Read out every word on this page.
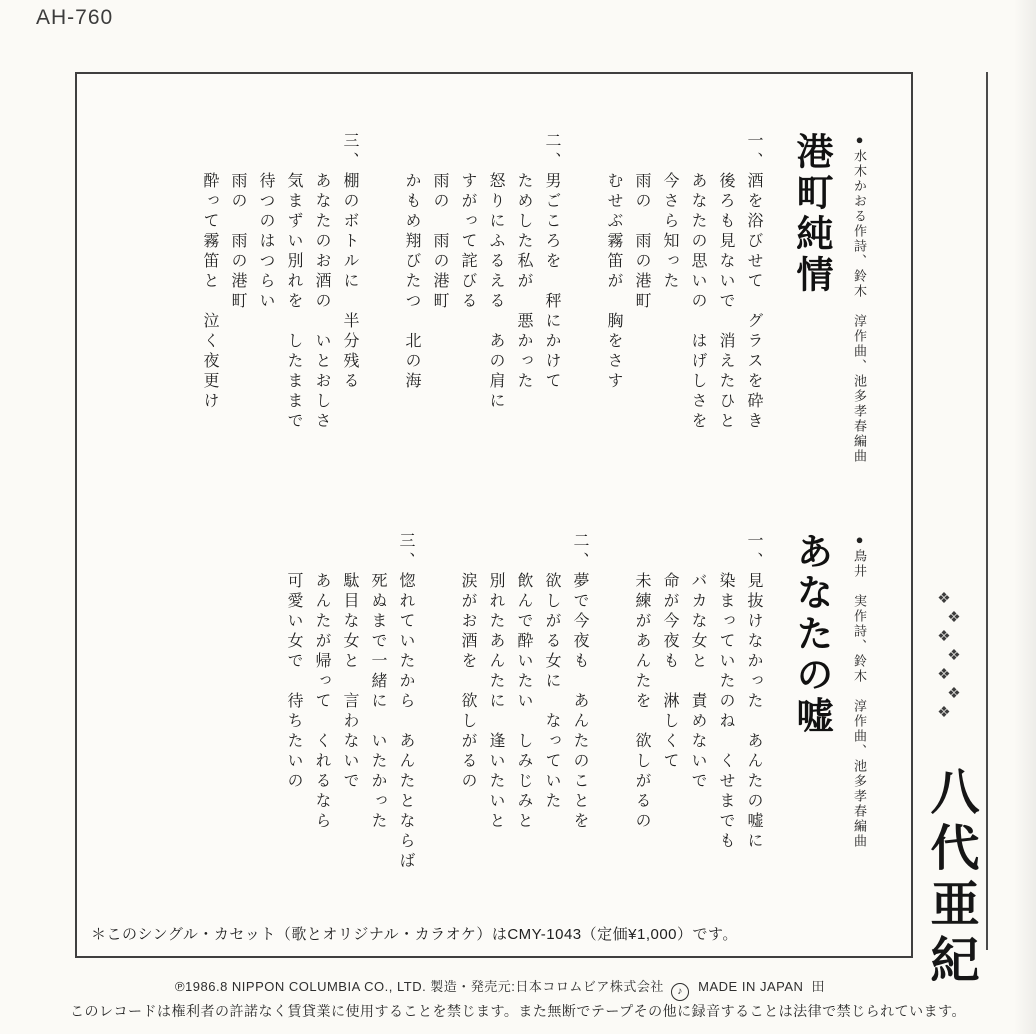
AH-760
●水木かおる作詩、鈴木　淳作曲、池多孝春編曲
港町純情
一、酒を浴びせて　グラスを砕き
　　後ろも見ないで　消えたひと
　　あなたの思いの　はげしさを
　　今さら知った
　　雨の　雨の港町
　　むせぶ霧笛が　胸をさす
二、男ごころを　秤にかけて
　　ためした私が　悪かった
　　怒りにふるえる　あの肩に
　　すがって詫びる
　　雨の　雨の港町
　　かもめ翔びたつ　北の海
三、棚のボトルに　半分残る
　　あなたのお酒の　いとおしさ
　　気まずい別れを　したままで
　　待つのはつらい
　　雨の　雨の港町
　　酔って霧笛と　泣く夜更け
●鳥井　実作詩、鈴木　淳作曲、池多孝春編曲
あなたの嘘
一、見抜けなかった　あんたの嘘に
　　染まっていたのね　くせまでも
　　バカな女と　責めないで
　　命が今夜も　淋しくて
　　未練があんたを　欲しがるの
二、夢で今夜も　あんたのことを
　　欲しがる女に　なっていた
　　飲んで酔いたい　しみじみと
　　別れたあんたに　逢いたいと
　　涙がお酒を　欲しがるの
三、惚れていたから　あんたとならば
　　死ぬまで一緒に　いたかった
　　駄目な女と　言わないで
　　あんたが帰って　くれるなら
　　可愛い女で　待ちたいの
＊このシングル・カセット（歌とオリジナル・カラオケ）はCMY-1043（定価¥1,000）です。
❖
❖
❖
❖
❖
❖
❖
八代亜紀
℗1986.8 NIPPON COLUMBIA CO., LTD. 製造・発売元:日本コロムビア株式会社 ♪ MADE IN JAPAN 田
このレコードは権利者の許諾なく賃貸業に使用することを禁じます。また無断でテープその他に録音することは法律で禁じられています。
